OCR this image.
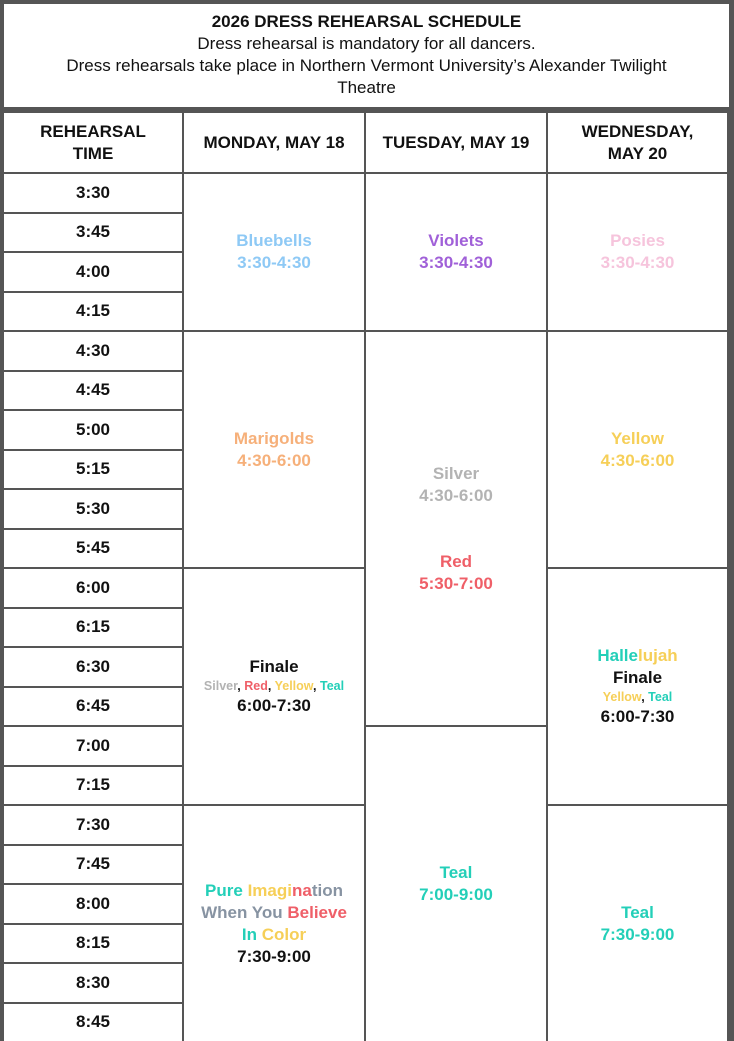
2026 DRESS REHEARSAL SCHEDULE
Dress rehearsal is mandatory for all dancers.
Dress rehearsals take place in Northern Vermont University’s Alexander Twilight
Theatre
REHEARSAL
TIME
MONDAY, MAY 18	TUESDAY, MAY 19
WEDNESDAY,
MAY 20
3:30
3:45
4:00
4:15
4:30
4:45
5:00
5:15
5:30
5:45
6:00
6:15
6:30
6:45
7:00
7:15
7:30
7:45
8:00
8:15
8:30
8:45
Bluebells
3:30-4:30
Marigolds
4:30-6:00
Finale
Silver, Red, Yellow, Teal
6:00-7:30
Pure Imagination
When You Believe
In Color
7:30-9:00
Violets
3:30-4:30
Silver
4:30-6:00
Red
5:30-7:00
Teal
7:00-9:00
Posies
3:30-4:30
Yellow
4:30-6:00
Hallelujah
Finale
Yellow, Teal
6:00-7:30
Teal
7:30-9:00
